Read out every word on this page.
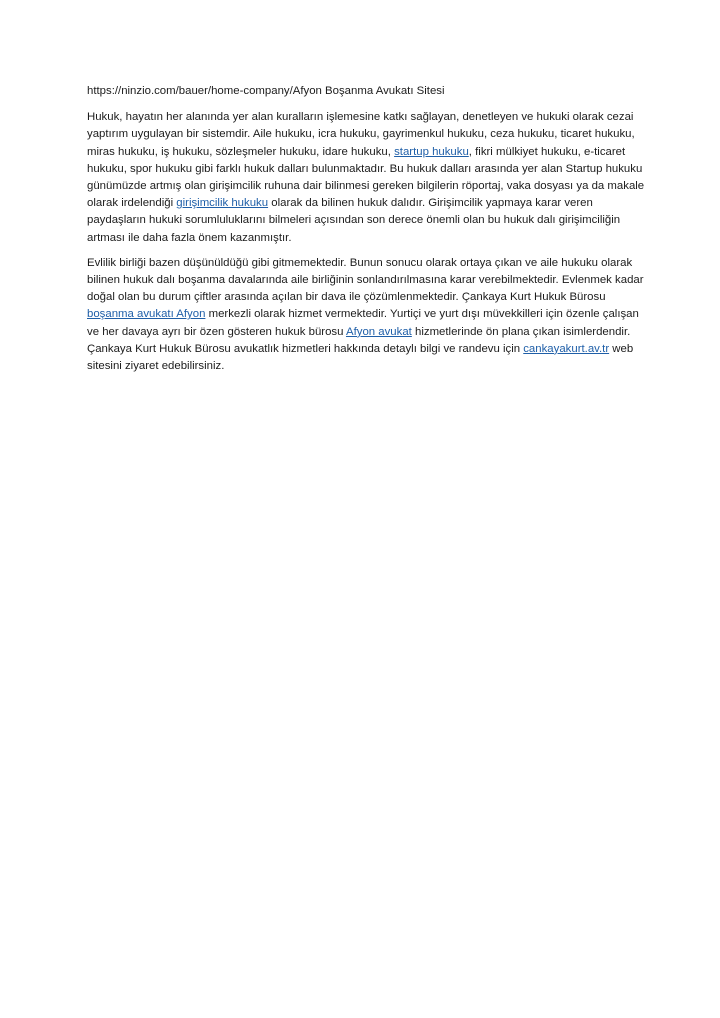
https://ninzio.com/bauer/home-company/Afyon Boşanma Avukatı Sitesi

Hukuk, hayatın her alanında yer alan kuralların işlemesine katkı sağlayan, denetleyen ve hukuki olarak cezai yaptırım uygulayan bir sistemdir. Aile hukuku, icra hukuku, gayrimenkul hukuku, ceza hukuku, ticaret hukuku, miras hukuku, iş hukuku, sözleşmeler hukuku, idare hukuku, startup hukuku, fikri mülkiyet hukuku, e-ticaret hukuku, spor hukuku gibi farklı hukuk dalları bulunmaktadır. Bu hukuk dalları arasında yer alan Startup hukuku günümüzde artmış olan girişimcilik ruhuna dair bilinmesi gereken bilgilerin röportaj, vaka dosyası ya da makale olarak irdelendiği girişimcilik hukuku olarak da bilinen hukuk dalıdır. Girişimcilik yapmaya karar veren paydaşların hukuki sorumluluklarını bilmeleri açısından son derece önemli olan bu hukuk dalı girişimciliğin artması ile daha fazla önem kazanmıştır.

Evlilik birliği bazen düşünüldüğü gibi gitmemektedir. Bunun sonucu olarak ortaya çıkan ve aile hukuku olarak bilinen hukuk dalı boşanma davalarında aile birliğinin sonlandırılmasına karar verebilmektedir. Evlenmek kadar doğal olan bu durum çiftler arasında açılan bir dava ile çözümlenmektedir. Çankaya Kurt Hukuk Bürosu boşanma avukatı Afyon merkezli olarak hizmet vermektedir. Yurtiçi ve yurt dışı müvekkilleri için özenle çalışan ve her davaya ayrı bir özen gösteren hukuk bürosu Afyon avukat hizmetlerinde ön plana çıkan isimlerdendir. Çankaya Kurt Hukuk Bürosu avukatlık hizmetleri hakkında detaylı bilgi ve randevu için cankayakurt.av.tr web sitesini ziyaret edebilirsiniz.
